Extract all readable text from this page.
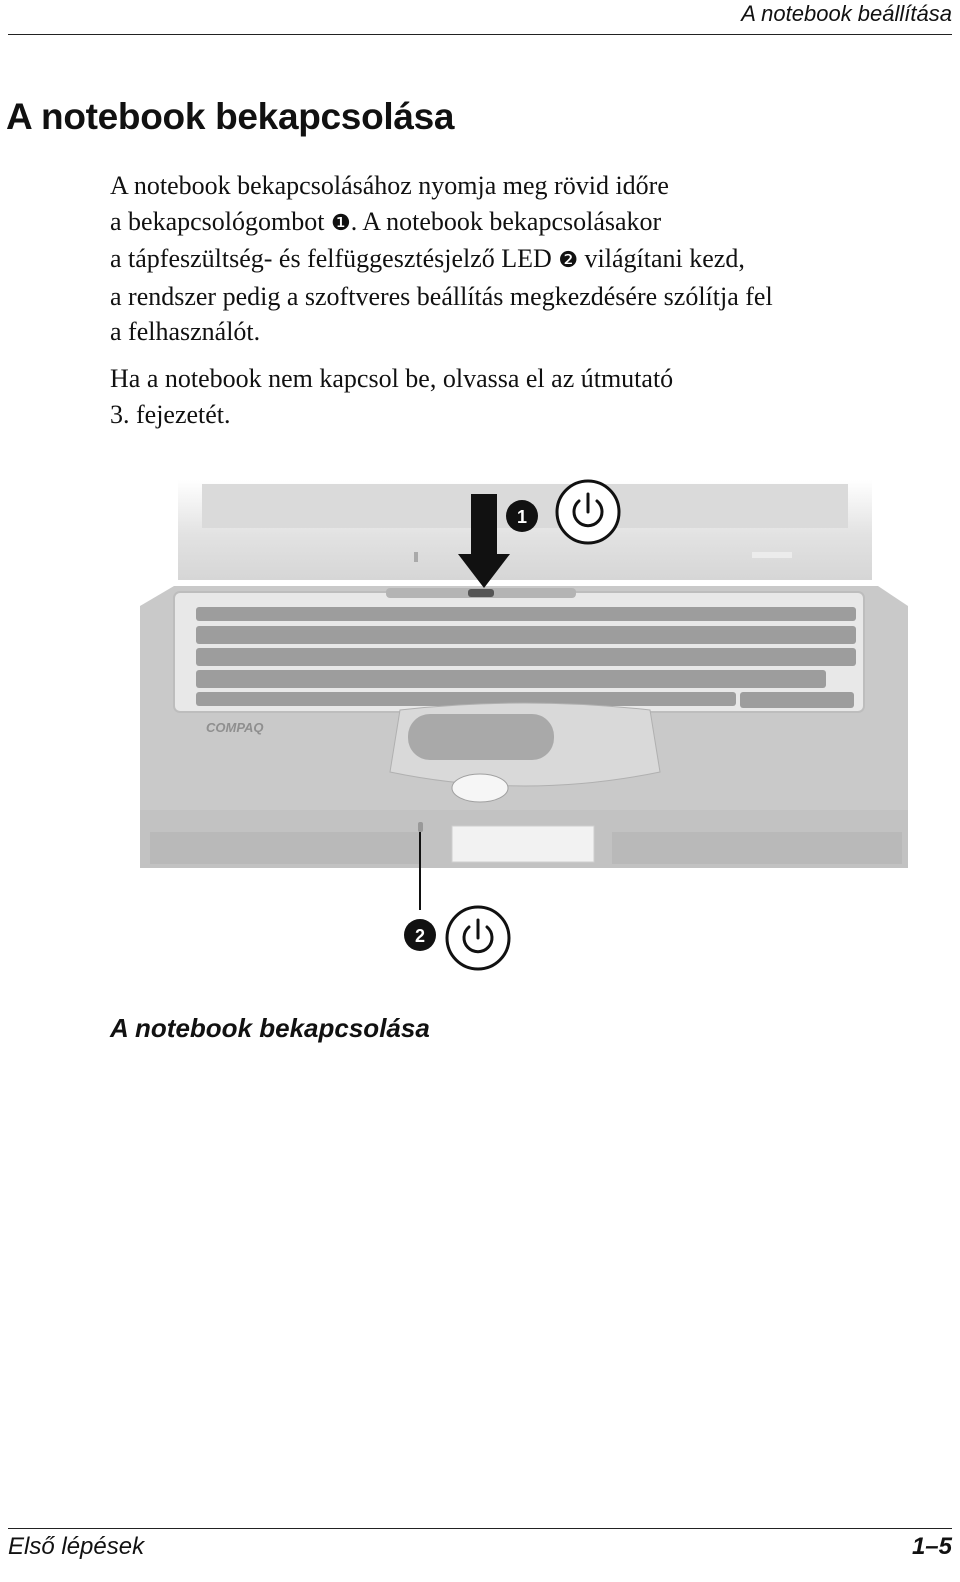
A notebook beállítása
A notebook bekapcsolása

A notebook bekapcsolásához nyomja meg rövid időre
a bekapcsológombot ❶. A notebook bekapcsolásakor
a tápfeszültség- és felfüggesztésjelző LED ❷ világítani kezd,
a rendszer pedig a szoftveres beállítás megkezdésére szólítja fel
a felhasználót.

Ha a notebook nem kapcsol be, olvassa el az útmutató
3. fejezetét.

COMPAQ
1
2

A notebook bekapcsolása

Első lépések	1–5
